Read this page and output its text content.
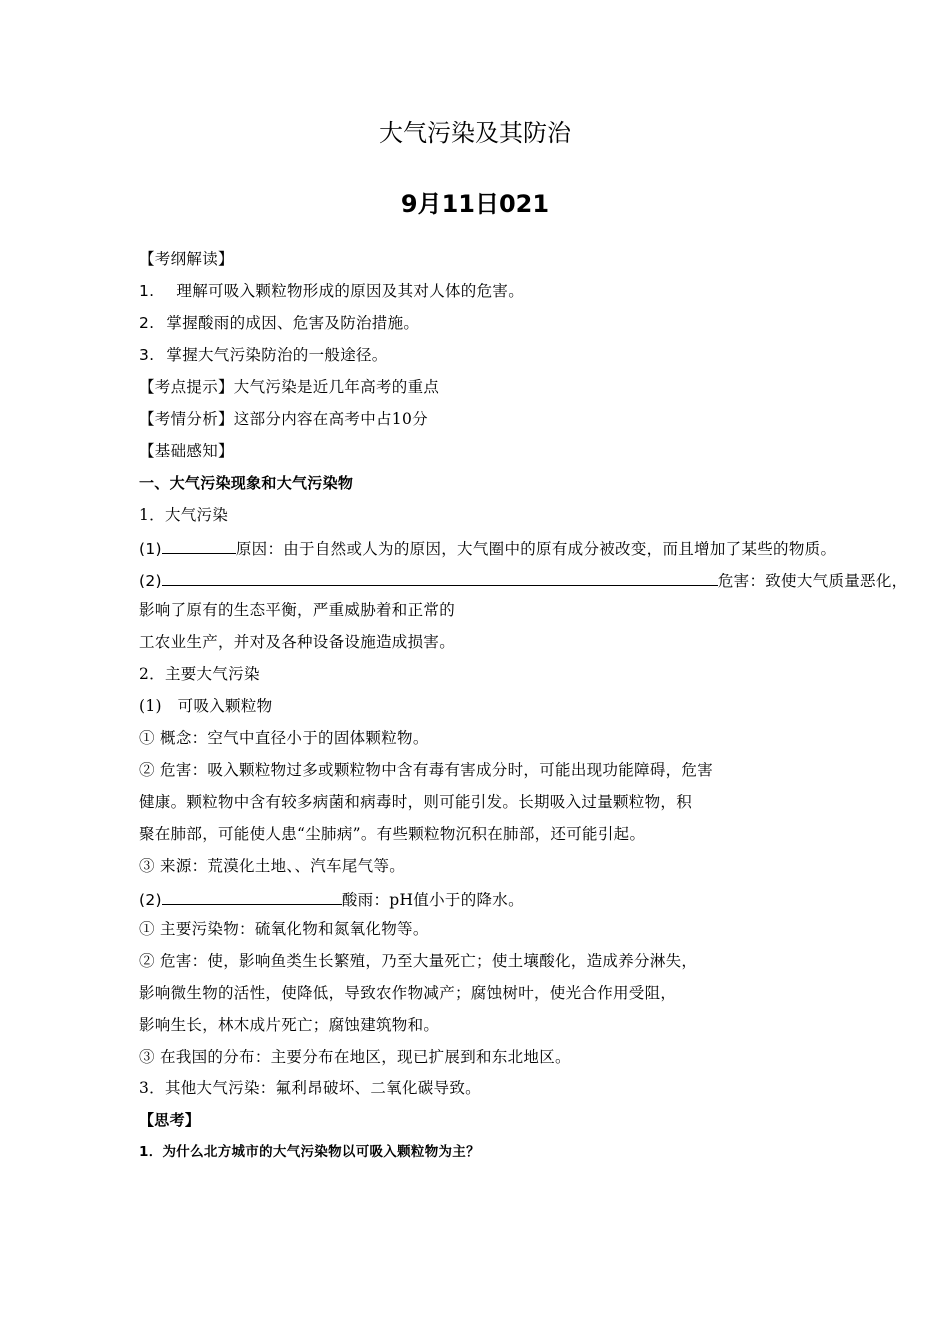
大气污染及其防治
9月11日021
【考纲解读】
1. 理解可吸入颗粒物形成的原因及其对人体的危害。
2. 掌握酸雨的成因、危害及防治措施。
3. 掌握大气污染防治的一般途径。
【考点提示】大气污染是近几年高考的重点
【考情分析】这部分内容在高考中占10分
【基础感知】
一、大气污染现象和大气污染物
1．大气污染
(1)	原因：由于自然或人为的原因，大气圈中的原有成分被改变，而且增加了某些的物质。
(2)	危害：致使大气质量恶化，
影响了原有的生态平衡，严重威胁着和正常的
工农业生产，并对及各种设备设施造成损害。
2．主要大气污染
(1)　可吸入颗粒物
① 概念：空气中直径小于的固体颗粒物。
② 危害：吸入颗粒物过多或颗粒物中含有毒有害成分时，可能出现功能障碍，危害
健康。颗粒物中含有较多病菌和病毒时，则可能引发。长期吸入过量颗粒物，积
聚在肺部，可能使人患“尘肺病”。有些颗粒物沉积在肺部，还可能引起。
③ 来源：荒漠化土地、、汽车尾气等。
(2)	酸雨：pH值小于的降水。
① 主要污染物：硫氧化物和氮氧化物等。
② 危害：使，影响鱼类生长繁殖，乃至大量死亡；使土壤酸化，造成养分淋失，
影响微生物的活性，使降低，导致农作物减产；腐蚀树叶，使光合作用受阻，
影响生长，林木成片死亡；腐蚀建筑物和。
③ 在我国的分布：主要分布在地区，现已扩展到和东北地区。
3．其他大气污染：氟利昂破坏、二氧化碳导致。
【思考】
1．为什么北方城市的大气污染物以可吸入颗粒物为主？
